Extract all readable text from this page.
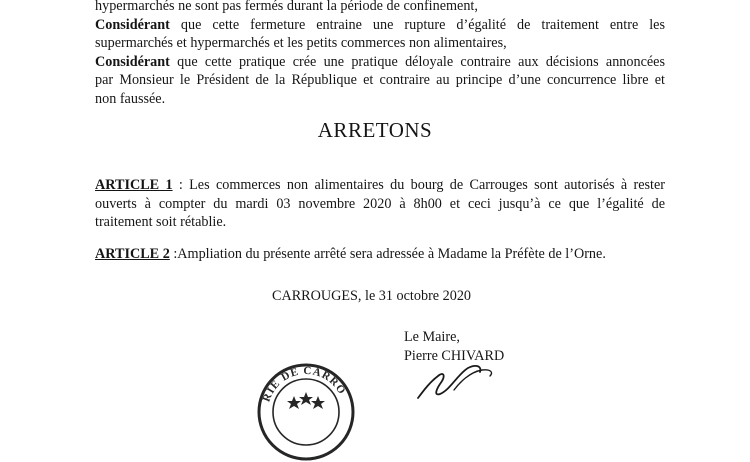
hypermarchés ne sont pas fermés durant la période de confinement,
Considérant que cette fermeture entraine une rupture d’égalité de traitement entre les
supermarchés et hypermarchés et les petits commerces non alimentaires,
Considérant que cette pratique crée une pratique déloyale contraire aux décisions annoncées
par Monsieur le Président de la République et contraire au principe d’une concurrence libre et
non faussée.
ARRETONS
ARTICLE 1 : Les commerces non alimentaires du bourg de Carrouges sont autorisés à rester
ouverts à compter du mardi 03 novembre 2020 à 8h00 et ceci jusqu’à ce que l’égalité de
traitement soit rétablie.
ARTICLE 2 :Ampliation du présente arrêté sera adressée à Madame la Préfète de l’Orne.
CARROUGES, le 31 octobre 2020
Le Maire,
Pierre CHIVARD
RIE DE CARRO
